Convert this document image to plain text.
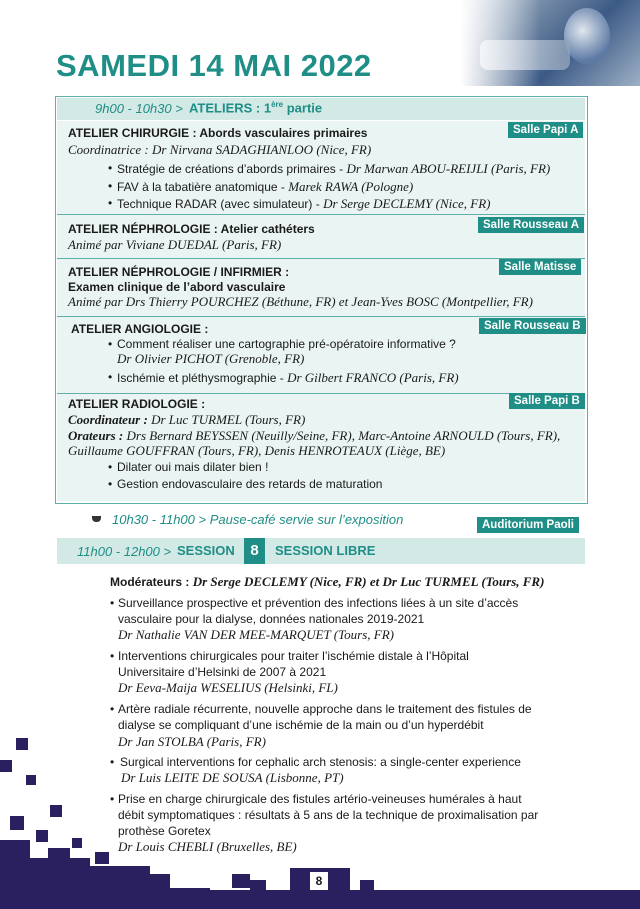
SAMEDI 14 MAI 2022
9h00 - 10h30 > ATELIERS : 1ère partie
Salle Papi A
ATELIER CHIRURGIE : Abords vasculaires primaires
Coordinatrice : Dr Nirvana SADAGHIANLOO (Nice, FR)
• Stratégie de créations d’abords primaires - Dr Marwan ABOU-REIJLI (Paris, FR)
• FAV à la tabatière anatomique - Marek RAWA (Pologne)
• Technique RADAR (avec simulateur) - Dr Serge DECLEMY (Nice, FR)
Salle Rousseau A
ATELIER NÉPHROLOGIE : Atelier cathéters
Animé par Viviane DUEDAL (Paris, FR)
Salle Matisse
ATELIER NÉPHROLOGIE / INFIRMIER :
Examen clinique de l’abord vasculaire
Animé par Drs Thierry POURCHEZ (Béthune, FR) et Jean-Yves BOSC (Montpellier, FR)
Salle Rousseau B
ATELIER ANGIOLOGIE :
• Comment réaliser une cartographie pré-opératoire informative ?
Dr Olivier PICHOT (Grenoble, FR)
• Ischémie et pléthysmographie - Dr Gilbert FRANCO (Paris, FR)
Salle Papi B
ATELIER RADIOLOGIE :
Coordinateur : Dr Luc TURMEL (Tours, FR)
Orateurs : Drs Bernard BEYSSEN (Neuilly/Seine, FR), Marc-Antoine ARNOULD (Tours, FR),
Guillaume GOUFFRAN (Tours, FR), Denis HENROTEAUX (Liège, BE)
• Dilater oui mais dilater bien !
• Gestion endovasculaire des retards de maturation
10h30 - 11h00 > Pause-café servie sur l’exposition	Auditorium Paoli
11h00 - 12h00 > SESSION	8	SESSION LIBRE
Modérateurs : Dr Serge DECLEMY (Nice, FR) et Dr Luc TURMEL (Tours, FR)
• Surveillance prospective et prévention des infections liées à un site d’accès
vasculaire pour la dialyse, données nationales 2019-2021
Dr Nathalie VAN DER MEE-MARQUET (Tours, FR)
• Interventions chirurgicales pour traiter l’ischémie distale à l’Hôpital
Universitaire d’Helsinki de 2007 à 2021
Dr Eeva-Maija WESELIUS (Helsinki, FL)
• Artère radiale récurrente, nouvelle approche dans le traitement des fistules de
dialyse se compliquant d’une ischémie de la main ou d’un hyperdébit
Dr Jan STOLBA (Paris, FR)
• Surgical interventions for cephalic arch stenosis: a single-center experience
Dr Luis LEITE DE SOUSA (Lisbonne, PT)
• Prise en charge chirurgicale des fistules artério-veineuses humérales à haut
débit symptomatiques : résultats à 5 ans de la technique de proximalisation par
prothèse Goretex
Dr Louis CHEBLI (Bruxelles, BE)
8
